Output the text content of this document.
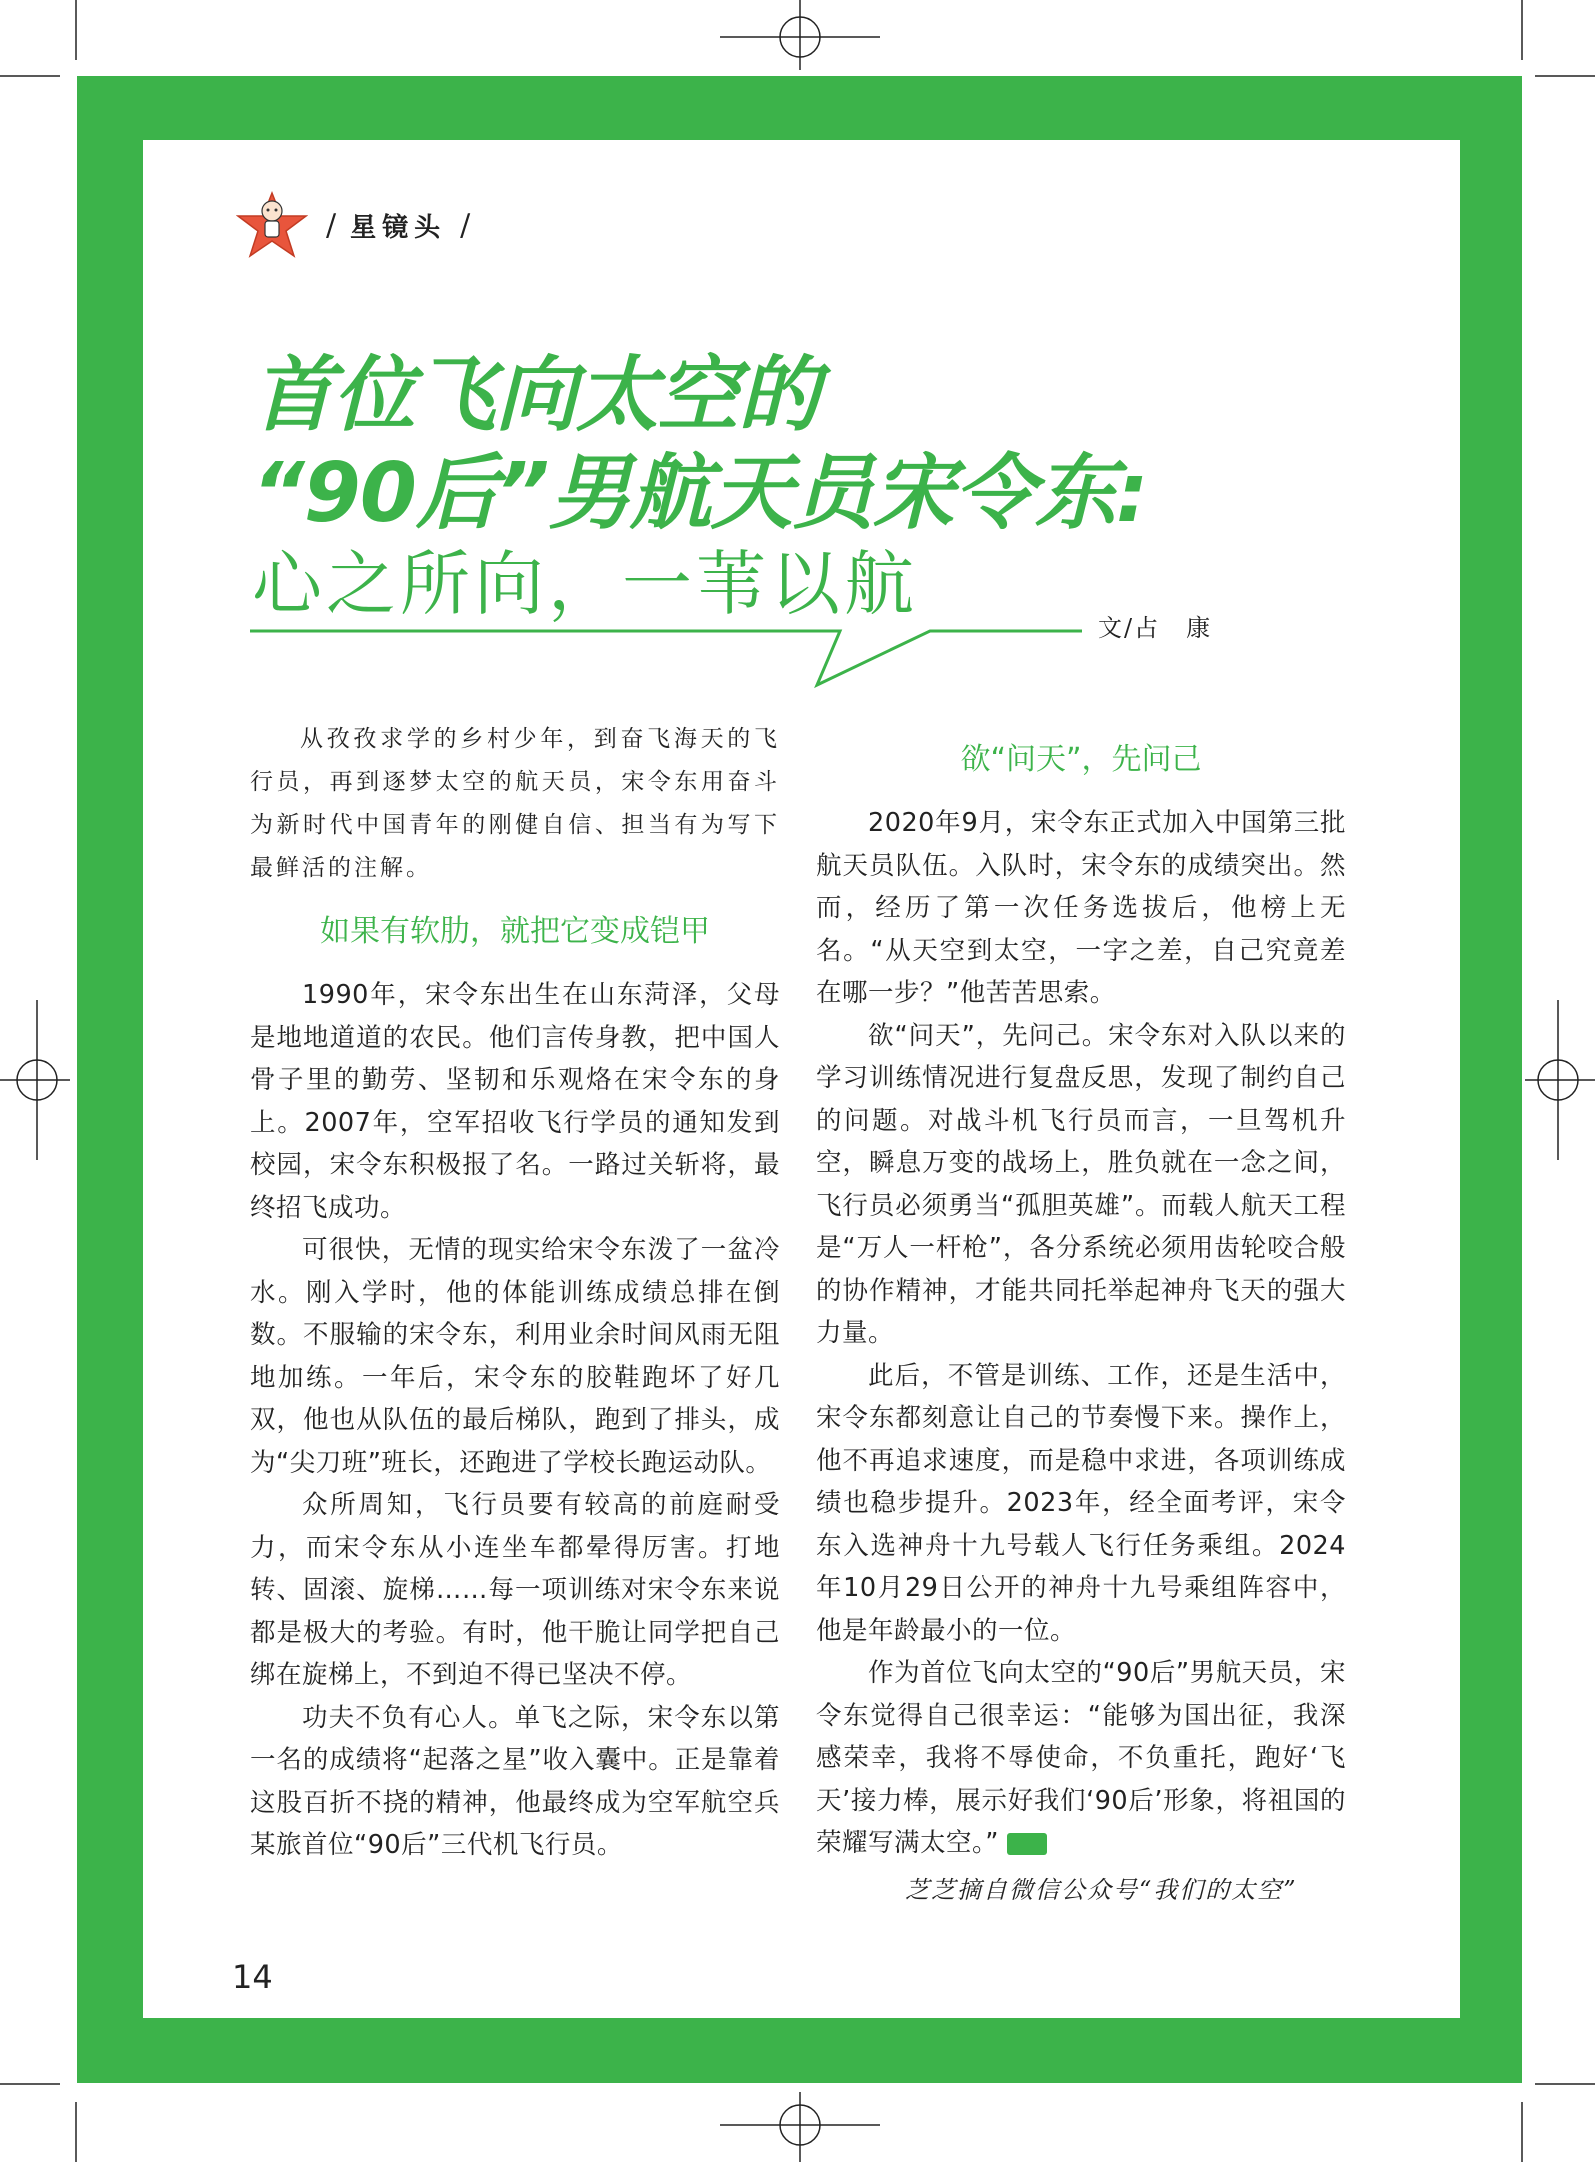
/ 星镜头 /
首位飞向太空的
“90后”男航天员宋令东:
心之所向，一苇以航
文/占　康

从孜孜求学的乡村少年，到奋飞海天的飞行员，再到逐梦太空的航天员，宋令东用奋斗为新时代中国青年的刚健自信、担当有为写下最鲜活的注解。

如果有软肋，就把它变成铠甲

1990年，宋令东出生在山东菏泽，父母是地地道道的农民。他们言传身教，把中国人骨子里的勤劳、坚韧和乐观烙在宋令东的身上。2007年，空军招收飞行学员的通知发到校园，宋令东积极报了名。一路过关斩将，最终招飞成功。

可很快，无情的现实给宋令东泼了一盆冷水。刚入学时，他的体能训练成绩总排在倒数。不服输的宋令东，利用业余时间风雨无阻地加练。一年后，宋令东的胶鞋跑坏了好几双，他也从队伍的最后梯队，跑到了排头，成为“尖刀班”班长，还跑进了学校长跑运动队。

众所周知，飞行员要有较高的前庭耐受力，而宋令东从小连坐车都晕得厉害。打地转、固滚、旋梯……每一项训练对宋令东来说都是极大的考验。有时，他干脆让同学把自己绑在旋梯上，不到迫不得已坚决不停。

功夫不负有心人。单飞之际，宋令东以第一名的成绩将“起落之星”收入囊中。正是靠着这股百折不挠的精神，他最终成为空军航空兵某旅首位“90后”三代机飞行员。

欲“问天”，先问己

2020年9月，宋令东正式加入中国第三批航天员队伍。入队时，宋令东的成绩突出。然而，经历了第一次任务选拔后，他榜上无名。“从天空到太空，一字之差，自己究竟差在哪一步？”他苦苦思索。

欲“问天”，先问己。宋令东对入队以来的学习训练情况进行复盘反思，发现了制约自己的问题。对战斗机飞行员而言，一旦驾机升空，瞬息万变的战场上，胜负就在一念之间，飞行员必须勇当“孤胆英雄”。而载人航天工程是“万人一杆枪”，各分系统必须用齿轮咬合般的协作精神，才能共同托举起神舟飞天的强大力量。

此后，不管是训练、工作，还是生活中，宋令东都刻意让自己的节奏慢下来。操作上，他不再追求速度，而是稳中求进，各项训练成绩也稳步提升。2023年，经全面考评，宋令东入选神舟十九号载人飞行任务乘组。2024年10月29日公开的神舟十九号乘组阵容中，他是年龄最小的一位。

作为首位飞向太空的“90后”男航天员，宋令东觉得自己很幸运：“能够为国出征，我深感荣幸，我将不辱使命，不负重托，跑好‘飞天’接力棒，展示好我们‘90后’形象，将祖国的荣耀写满太空。”

芝芝摘自微信公众号“我们的太空”
14
